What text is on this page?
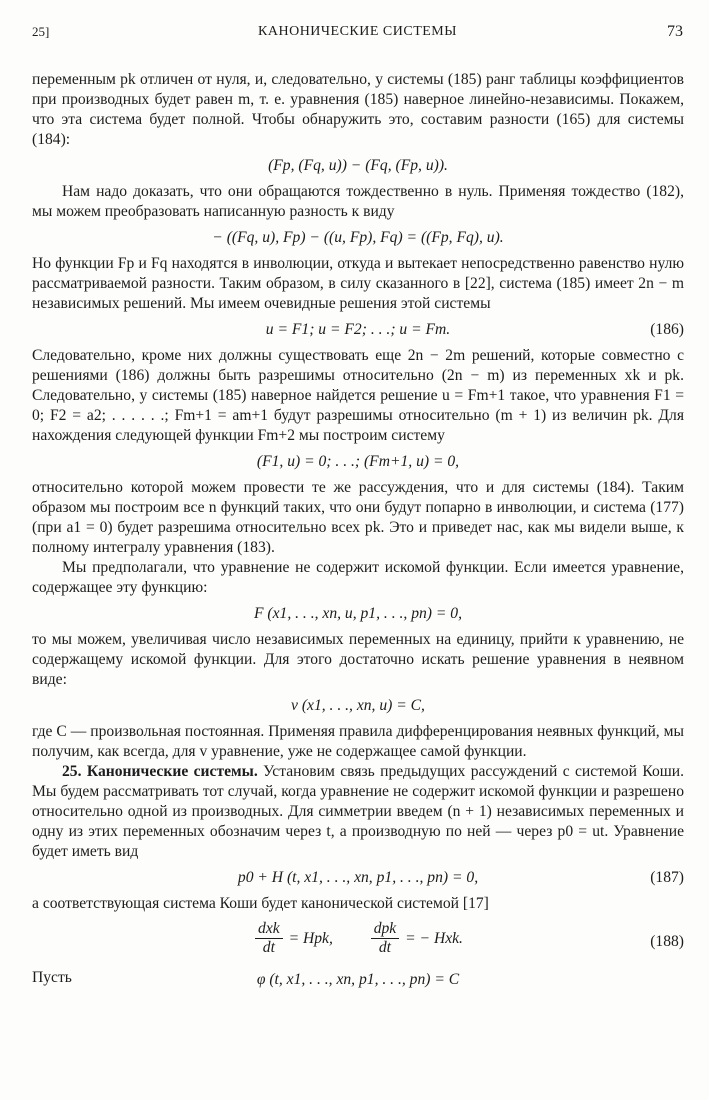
25]	КАНОНИЧЕСКИЕ СИСТЕМЫ	73

переменным pk отличен от нуля, и, следовательно, у системы (185) ранг таблицы коэффициентов при производных будет равен m, т. е. уравнения (185) наверное линейно-независимы. Покажем, что эта система будет полной. Чтобы обнаружить это, составим разности (165) для системы (184):

(Fp, (Fq, u)) − (Fq, (Fp, u)).

Нам надо доказать, что они обращаются тождественно в нуль. Применяя тождество (182), мы можем преобразовать написанную разность к виду

− ((Fq, u), Fp) − ((u, Fp), Fq) = ((Fp, Fq), u).

Но функции Fp и Fq находятся в инволюции, откуда и вытекает непосредственно равенство нулю рассматриваемой разности. Таким образом, в силу сказанного в [22], система (185) имеет 2n − m независимых решений. Мы имеем очевидные решения этой системы

u = F1; u = F2; . . .; u = Fm.	(186)

Следовательно, кроме них должны существовать еще 2n − 2m решений, которые совместно с решениями (186) должны быть разрешимы относительно (2n − m) из переменных xk и pk. Следовательно, у системы (185) наверное найдется решение u = Fm+1 такое, что уравнения F1 = 0; F2 = a2; . . . . . .; Fm+1 = am+1 будут разрешимы относительно (m + 1) из величин pk. Для нахождения следующей функции Fm+2 мы построим систему

(F1, u) = 0; . . .; (Fm+1, u) = 0,

относительно которой можем провести те же рассуждения, что и для системы (184). Таким образом мы построим все n функций таких, что они будут попарно в инволюции, и система (177) (при a1 = 0) будет разрешима относительно всех pk. Это и приведет нас, как мы видели выше, к полному интегралу уравнения (183).

Мы предполагали, что уравнение не содержит искомой функции. Если имеется уравнение, содержащее эту функцию:

F (x1, . . ., xn, u, p1, . . ., pn) = 0,

то мы можем, увеличивая число независимых переменных на единицу, прийти к уравнению, не содержащему искомой функции. Для этого достаточно искать решение уравнения в неявном виде:

v (x1, . . ., xn, u) = C,

где C — произвольная постоянная. Применяя правила дифференцирования неявных функций, мы получим, как всегда, для v уравнение, уже не содержащее самой функции.

25. Канонические системы. Установим связь предыдущих рассуждений с системой Коши. Мы будем рассматривать тот случай, когда уравнение не содержит искомой функции и разрешено относительно одной из производных. Для симметрии введем (n + 1) независимых переменных и одну из этих переменных обозначим через t, а производную по ней — через p0 = ut. Уравнение будет иметь вид

p0 + H (t, x1, . . ., xn, p1, . . ., pn) = 0,	(187)

а соответствующая система Коши будет канонической системой [17]

$\frac{\text{dxk}}{dt}$ = Hpk, $\frac{\text{dpk}}{dt}$ = − Hxk.	(188)

Пусть	φ (t, x1, . . ., xn, p1, . . ., pn) = C
